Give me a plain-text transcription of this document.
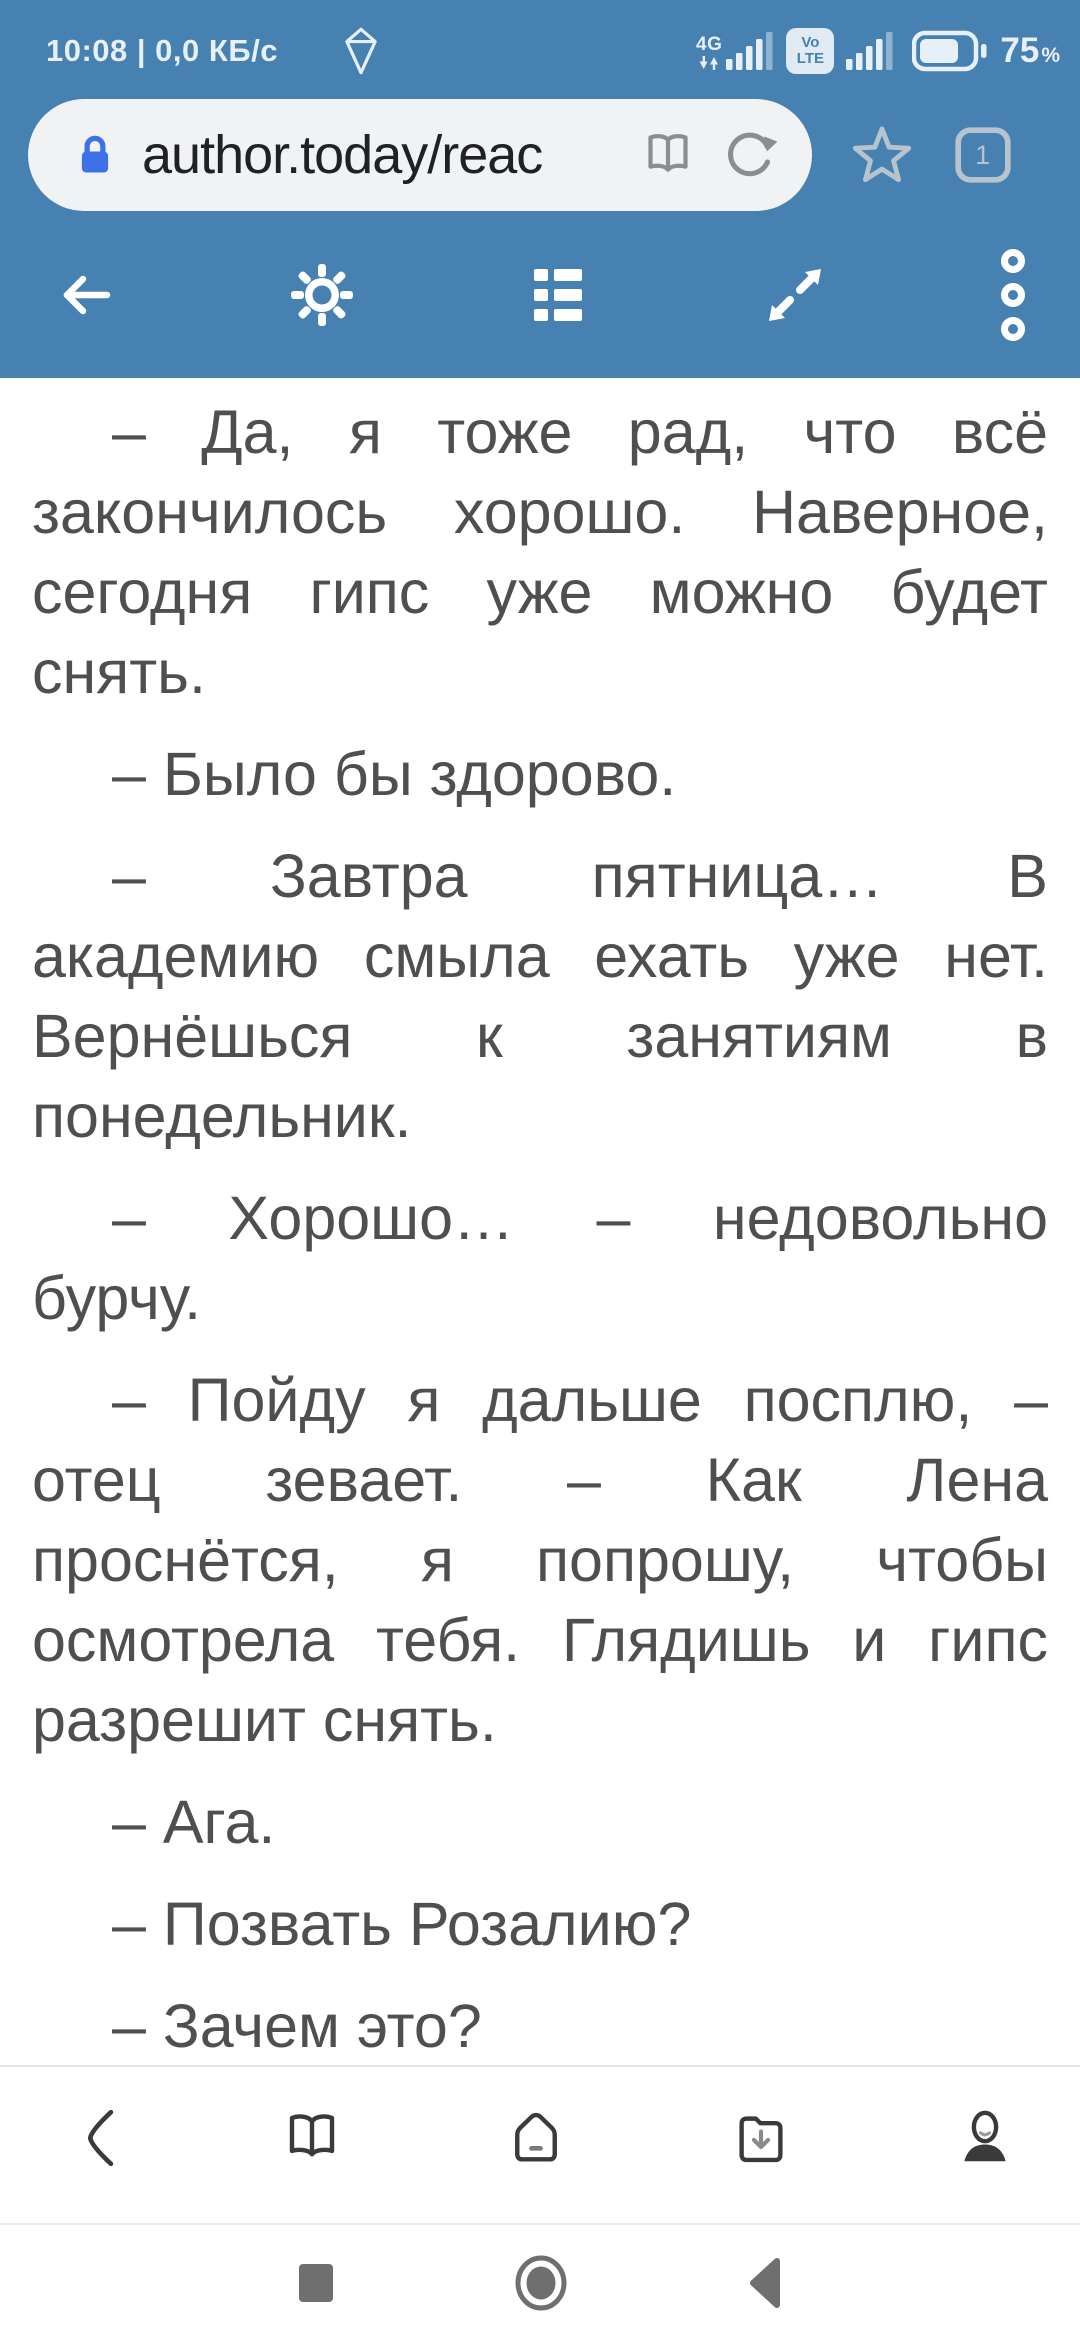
10:08 | 0,0 КБ/с	4G	Vo
LTE	75 %
author.today/reac	1
– Да, я тоже рад, что всё
закончилось хорошо. Наверное,
сегодня гипс уже можно будет
снять.
– Было бы здорово.
– Завтра пятница… В
академию смыла ехать уже нет.
Вернёшься к занятиям в
понедельник.
– Хорошо… – недовольно
бурчу.
– Пойду я дальше посплю, –
отец зевает. – Как Лена
проснётся, я попрошу, чтобы
осмотрела тебя. Глядишь и гипс
разрешит снять.
– Ага.
– Позвать Розалию?
– Зачем это?
